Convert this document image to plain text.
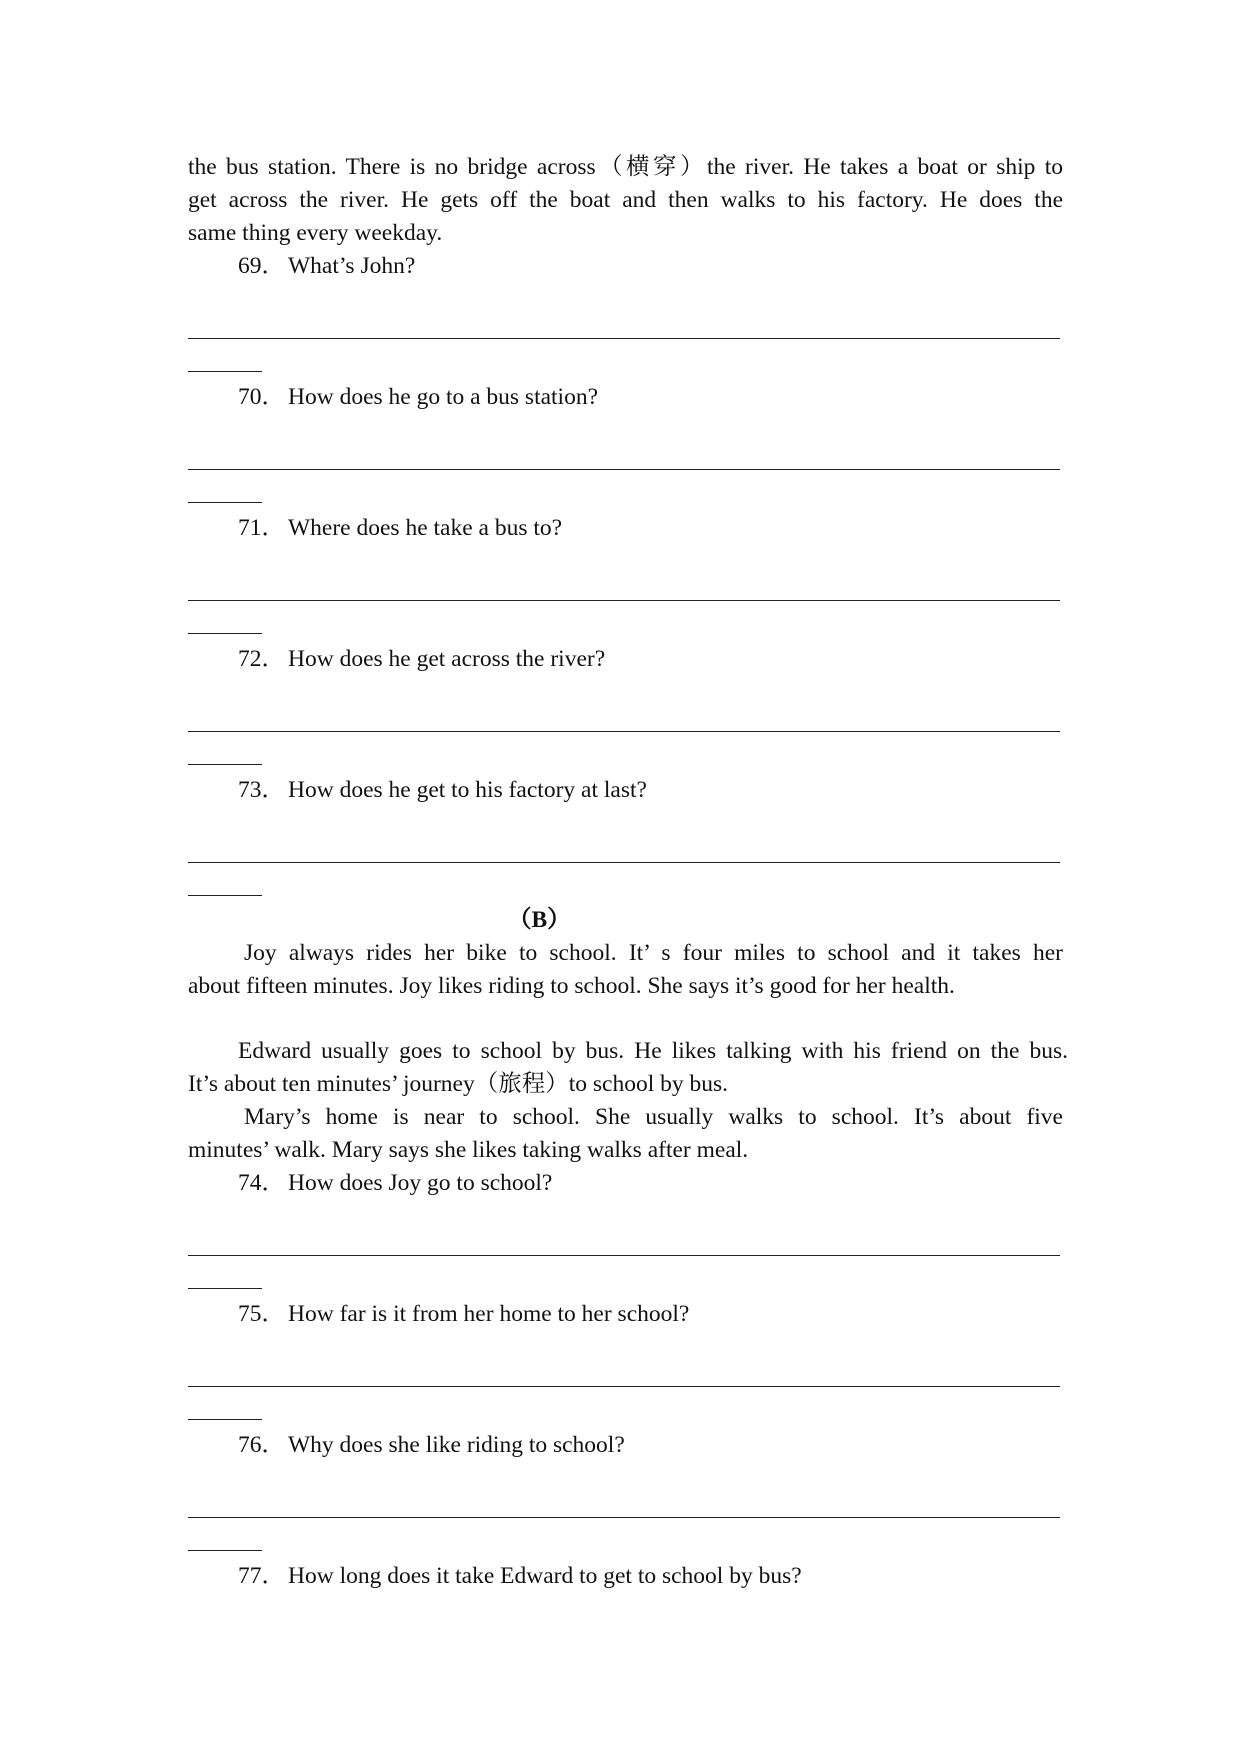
the bus station. There is no bridge across（横穿）the river. He takes a boat or ship to
get across the river. He gets off the boat and then walks to his factory. He does the
same thing every weekday.
69． What’s John?
70． How does he go to a bus station?
71． Where does he take a bus to?
72． How does he get across the river?
73． How does he get to his factory at last?
（B）
Joy always rides her bike to school. It’ s four miles to school and it takes her
about fifteen minutes. Joy likes riding to school. She says it’s good for her health.
Edward usually goes to school by bus. He likes talking with his friend on the bus.
It’s about ten minutes’ journey（旅程）to school by bus.
Mary’s home is near to school. She usually walks to school. It’s about five
minutes’ walk. Mary says she likes taking walks after meal.
74． How does Joy go to school?
75． How far is it from her home to her school?
76． Why does she like riding to school?
77． How long does it take Edward to get to school by bus?
